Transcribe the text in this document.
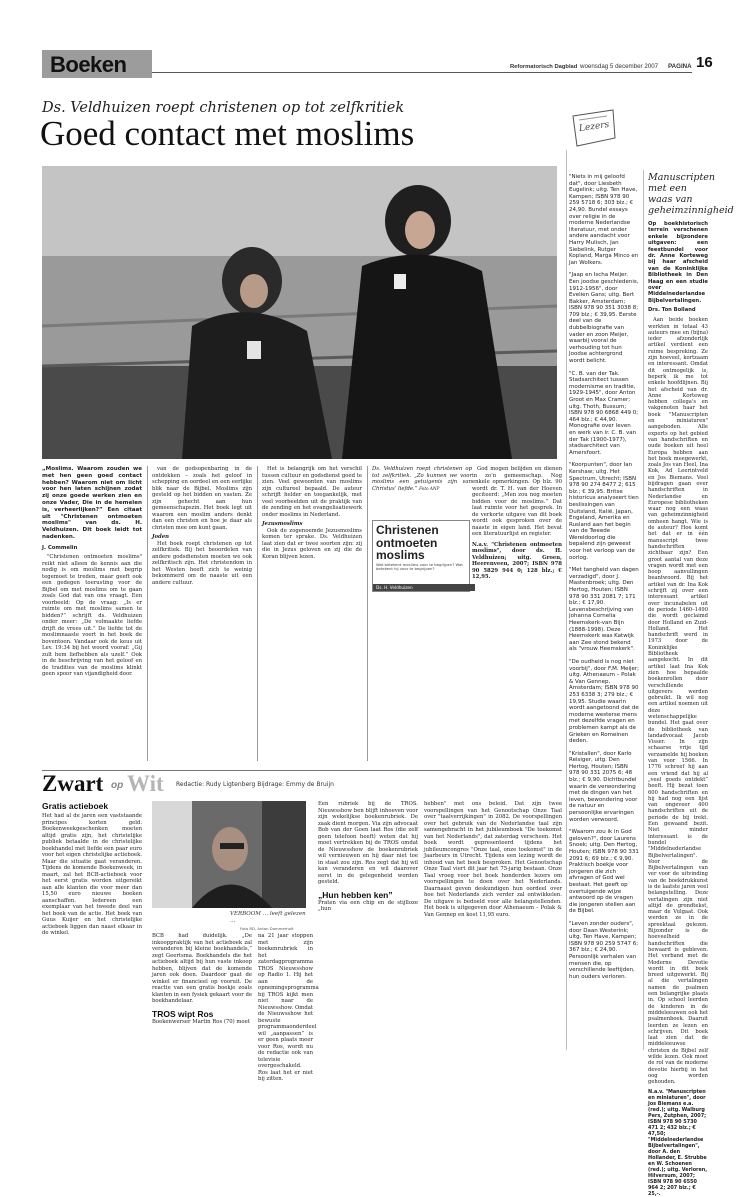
Boeken	Reformatorisch Dagblad woensdag 5 december 2007 PAGINA 16
Ds. Veldhuizen roept christenen op tot zelfkritiek
Goed contact met moslims	Lezers
„Moslims. Waarom zouden we met hen geen goed contact hebben? Waarom niet om licht voor hen laten schijnen zodat zij onze goede werken zien en onze Vader, Die in de hemelen is, verheerlijken?” Een citaat uit "Christenen ontmoeten moslims" van ds. H. Veldhuizen. Dit boek leidt tot nadenken.
J. Commelin

"Christenen ontmoeten moslims" reikt niet alleen de kennis aan die nodig is om moslims met begrip tegemoet te treden, maar geeft ook een gedegen toerusting voor de Bijbel om met moslims om te gaan zoals God dat van ons vraagt. Een voorbeeld: Op de vraag: „Is er ruimte om met moslims samen te bidden?” schrijft ds. Veldhuizen onder meer: „De volmaakte liefde drijft de vrees uit.” De liefde tot de moslimnaaste voert in het boek de boventoon. Vandaar ook de keus uit Lev. 19:34 bij het woord vooraf: „Gij zult hem liefhebben als uzelf.” Ook in de beschrijving van het geloof en de tradities van de moslims klinkt geen spoor van vijandigheid door.

van de godsopenbaring in de ontdekken – zoals het geloof in schepping en oordeel en een eerlijke blik naar de Bijbel. Moslims zijn gesteld op het bidden en vasten. Ze zijn gehecht aan hun gemeenschapszin. Het boek legt uit waarom een moslim anders denkt dan een christen en hoe je daar als christen mee om kunt gaan.

Joden

Het boek roept christenen op tot zelfkritiek. Bij het beoordelen van andere godsdiensten moeten we ook zelfkritisch zijn. Het christendom in het Westen heeft zich te weinig bekommerd om de naaste uit een andere cultuur.

Het is belangrijk om het verschil tussen cultuur en godsdienst goed te zien. Veel gewoonten van moslims zijn cultureel bepaald. De auteur schrijft helder en toegankelijk, met veel voorbeelden uit de praktijk van de zending en het evangelisatiewerk onder moslims in Nederland.

Jezusmoslims

Ook de zogenoemde Jezusmoslims komen ter sprake. Ds. Veldhuizen laat zien dat er twee soorten zijn: zij die in Jezus geloven en zij die de Koran blijven lezen.

Christenen ontmoeten moslims
Wat betekent moslims voor te begrijpen? Wat betekent hij voor te begrijpen?
Ds. H. Veldhuizen

Ds. Veldhuizen roept christenen op tot zelfkritiek. „Zo kunnen we voor moslims een getuigenis zijn van Christus’ liefde.” Foto ANP

God mogen belijden en dienen in zo’n gemeenschap. Nog enkele opmerkingen. Op blz. 90 wordt dr. T. H. van der Hoeven geciteerd: „Men zou nog moeten bidden voor de moslims.” Dat laat ruimte voor het gesprek. In de verkorte uitgave van dit boek wordt ook gesproken over de naaste in eigen land. Het bevat een literatuurlijst en register.

N.a.v. "Christenen ontmoeten moslims", door ds. H. Veldhuizen; uitg. Groen, Heerenveen, 2007; ISBN 978 90 5829 944 0; 128 blz.; € 12,95.

"Niets in mij geloofd dat", door Liesbeth Eugelink; uitg. Ten Have, Kampen; ISBN 978 90 259 5718 6; 303 blz.; € 24,90. Bundel essays over religie in de moderne Nederlandse literatuur, met onder andere aandacht voor Harry Mulisch, Jan Siebelink, Rutger Kopland, Marga Minco en Jan Wolkers.
"Jaap en Ischa Meijer. Een joodse geschiedenis, 1912-1956", door Evelien Gans; uitg. Bert Bakker, Amsterdam; ISBN 978 90 351 3038 8; 709 blz.; € 39,95. Eerste deel van de dubbelbiografie van vader en zoon Meijer, waarbij vooral de verhouding tot hun Joodse achtergrond wordt belicht.
"C. B. van der Tak. Stadsarchitect tussen modernisme en traditie, 1929-1945", door Anton Groot en Max Cramer; uitg. Thoth, Bussum; ISBN 978 90 6868 449 0; 464 blz.; € 44,90. Monografie over leven en werk van ir. C. B. van der Tak (1900-1977), stadsarchitect van Amersfoort.
"Koorpunten", door Ian Kershaw; uitg. Het Spectrum, Utrecht; ISBN 978 90 274 8477 2; 615 blz.; € 39,95. Britse historicus analyseert tien beslissingen van Duitsland, Italië, Japan, Engeland, Amerika en Rusland aan het begin van de Tweede Wereldoorlog die bepalend zijn geweest voor het verloop van de oorlog.
"Met tangheid van dagen verzadigd", door J. Mastenbroek; uitg. Den Hertog, Houten; ISBN 978 90 331 2081 7; 171 blz.; € 17,90. Levensbeschrijving van Johanna Cornelia Heemskerk-van Bijn (1888-1998). Deze Heemskerk was Katwijk aan Zee stond bekend als "vrouw Heemskerk".
"De oudheid is nog niet voorbij", door F.M. Meijer; uitg. Athenaeum – Polak & Van Gennep, Amsterdam; ISBN 978 90 253 6338 3; 279 blz.; € 19,95. Studie waarin wordt aangetoond dat de moderne westerse mens met dezelfde vragen en problemen kampt als de Grieken en Romeinen deden.
"Kristallen", door Karlo Reisiger, uitg. Den Hertog, Houten; ISBN 978 90 331 2075 6; 48 blz.; € 9,90. Dichtbundel waarin de verwondering met de dingen van het leven, bewondering voor de natuur en persoonlijke ervaringen worden verwoord.
"Waarom zou ik in God geloven?", door Laurens Snoek; uitg. Den Hertog, Houten; ISBN 978 90 331 2091 6; 69 blz.; € 9,90. Praktisch boekje voor jongeren die zich afvragen of God wel bestaat. Het geeft op overtuigende wijze antwoord op de vragen die jongeren stellen aan de Bijbel.
"Leven zonder ouders", door Daan Westerink; uitg. Ten Have, Kampen; ISBN 978 90 259 5747 6; 367 blz.; € 24,90. Persoonlijk verhalen van mensen die, op verschillende leeftijden, hun ouders verloren.
Manuscripten met een waas van geheimzinnigheid
Op boekhistorisch terrein verschenen enkele bijzondere uitgaven: een feestbundel voor dr. Anne Korteweg bij haar afscheid van de Koninklijke Bibliotheek in Den Haag en een studie over Middelnederlandse Bijbelvertalingen.
Drs. Ton Bolland
Aan beide boeken werkten in totaal 43 auteurs mee en (bijna) ieder afzonderlijk artikel verdient een ruime bespreking. Ze zijn hoeveel, kortzaam en interessant. Omdat dit ontmogelijk is, beperk ik me tot enkele hoofdlijnen. Bij het afscheid van dr. Anne Korteweg hebben collega's en vakgenoten haar het boek "Manuscripten en miniaturen" aangeboden. Alle experts op het gebied van handschriften en oude boeken uit heel Europa hebben aan het boek meegewerkt, zoals Jos van Heel, Ina Kok, Ad Leerintveld en Jos Biemans. Veel bijdragen gaan over handschriften in Nederlandse en Europese bibliotheken waar nog een waas van geheimzinnigheid omheen hangt. Wie is de auteur? Hoe komt het dat er in één manuscript twee handschriften zichtbaar zijn? Een groot aantal van deze vragen wordt met een hoop aanvullingen beantwoord. Bij het artikel van dr. Ina Kok schrijft zij over een interessant artikel over incunabelen uit de periode 1460–1490 die wordt geclaimd door Holland en Zuid-Holland. Het handschrift werd in 1973 door de Koninklijke Bibliotheek aangekocht. In dit artikel laat Ina Kok zien hoe bepaalde boekenrollen door verschillende uitgevers werden gebruikt. Ik wil nog een artikel noemen uit deze wetenschappelijke bundel. Het gaat over de bibliotheek van landadvocaat Jacob Visser. In zijn schaarse vrije tijd verzamelde hij boeken van voor 1566. In 1776 schreef hij aan een vriend dat hij al „veel goeds ontdekt” heeft. Hij bezat toen 600 handschriften en hij had nog een lijst van ongeveer 400 handschriften uit de periode de bij trekt. Een gewaand bezit. Niet minder interessant is de bundel "Middelnederlandse Bijbelvertalingen". Voor de Bijbelvertalingen van ver voor de uitvinding van de boekdrukkunst is de laatste jaren veel belangstelling. Deze vertalingen zijn niet altijd de grondtekst, maar de Vulgaat. Ook werden ze in de spreektaal gelezen. Bijzonder is de hoeveelheid handschriften die bewaard is gebleven. Het verband met de Moderne Devotie wordt in dit boek breed uitgewerkt. Bij al die vertalingen namen de psalmen een belangrijke plaats in. Op school leerden de kinderen in de middeleeuwen ook het psalmenboek. Daaruit leerden ze lezen en schrijven. Dit boek laat zien dat de middeleeuwse christen de Bijbel zelf wilde lezen. Ook moet de rol van de moderne devotie hierbij in het oog worden gehouden.
N.a.v. "Manuscripten en miniaturen", door Jos Biemans e.a. (red.); uitg. Walburg Pers, Zutphen, 2007; ISBN 978 90 5730 471 2; 432 blz.; € 47,50; "Middelnederlandse Bijbelvertalingen", door A. den Hollander, E. Strubbe en W. Schoenen (red.); uitg. Verloren, Hilversum, 2007; ISBN 978 90 6550 964 2; 207 blz.; € 25,-.
Zwart op Wit Redactie: Rudy Ligtenberg Bijdrage: Emmy de Bruijn
Gratis actieboek

Het had al de jaren een vaststaande principes korten geld. Boekenweekgeschenken moeten altijd gratis zijn, het christelijke publiek betaalde in de christelijke boekhandel met liefde een paar euro voor het eigen christelijke actieboek. Maar die situatie gaat veranderen. Tijdens de komende Boekenweek, in maart, zal het BCB-actieboek voor het eerst gratis worden uitgereikt aan alle klanten die voor meer dan 15,50 euro nieuwe boeken aanschaffen. Iedereen een exemplaar van het tweede deel van het boek van de actie. Het boek van Guus Kuijer en het christelijke actieboek liggen dan naast elkaar in de winkel.

VERBOOM … leeft gelezen …
Foto RD, Anton Dommerholt

BCB had duidelijk. „De inkooppraktijk van het actieboek zal veranderen bij kleine boekhandels,” zegt Geertsma. Boekhandels die het actieboek altijd bij hun vaste inkoop hebben, blijven dat de komende jaren ook doen. Daardoor gaat de winkel er financieel op vooruit. De reactie van een gratis boekje zoals klanten in een fysiek gekaart voor de boekhandelaar.

TROS wipt Ros

Boekenwerser Martin Ros (70) moet

na 21 jaar stoppen met zijn boekenrubriek in het zaterdagprogramma TROS Nieuwsshow op Radio 1. Hij het aan de opnemingsprogramma bij TROS kijkt men niet naar de Nieuwsshow. Omdat de Nieuwsshow het bewuste programmaonderdeel wil „aanpassen” is er geen plaats meer voor Ros, wordt nu de redactie ook van televisie overgeschakeld. Ros laat het er niet bij zitten.

Een rubriek bij de TROS. Nieuwsshow ben blijft inhoeven voor zijn wekelijkse boekenrubriek. De zaak dient morgen. Via zijn advocaat Bob van der Goen laat Ros (die zelf geen telefoon heeft) weten dat hij moet vertrekken bij de TROS omdat de Nieuwsshow de boekenrubriek wil vernieuwen en hij daar niet toe in staat zou zijn. Ros zegt dat hij wil kan veranderen en wil daarover eerst in de gelegenheid worden gesteld.

„Hun hebben ken”

Praten via een chip en de stijlloze „hun

hebben" met ons beleid. Dat zijn twee voorspellingen van het Genootschap Onze Taal over "taalverrijkingen" in 2082. De voorspellingen over het gebruik van de Nederlandse taal zijn samengebracht in het jubileumboek "De toekomst van het Nederlands", dat zaterdag verscheen. Het boek wordt gepresenteerd tijdens het jubileumcongres "Onze taal, onze toekomst" in de Jaarbeurs in Utrecht. Tijdens een lezing wordt de inhoud van het boek besproken. Het Genootschap Onze Taal viert dit jaar het 75-jarig bestaan. Onze Taal vroeg voor het boek honderden lezers om voorspellingen te doen over het Nederlands. Daarnaast geven deskundigen hun oordeel over hoe het Nederlands zich verder zal ontwikkelen. De uitgave is bedoeld voor alle belangstellenden. Het boek is uitgegeven door Athenaeum – Polak & Van Gennep en kost 11,95 euro.
